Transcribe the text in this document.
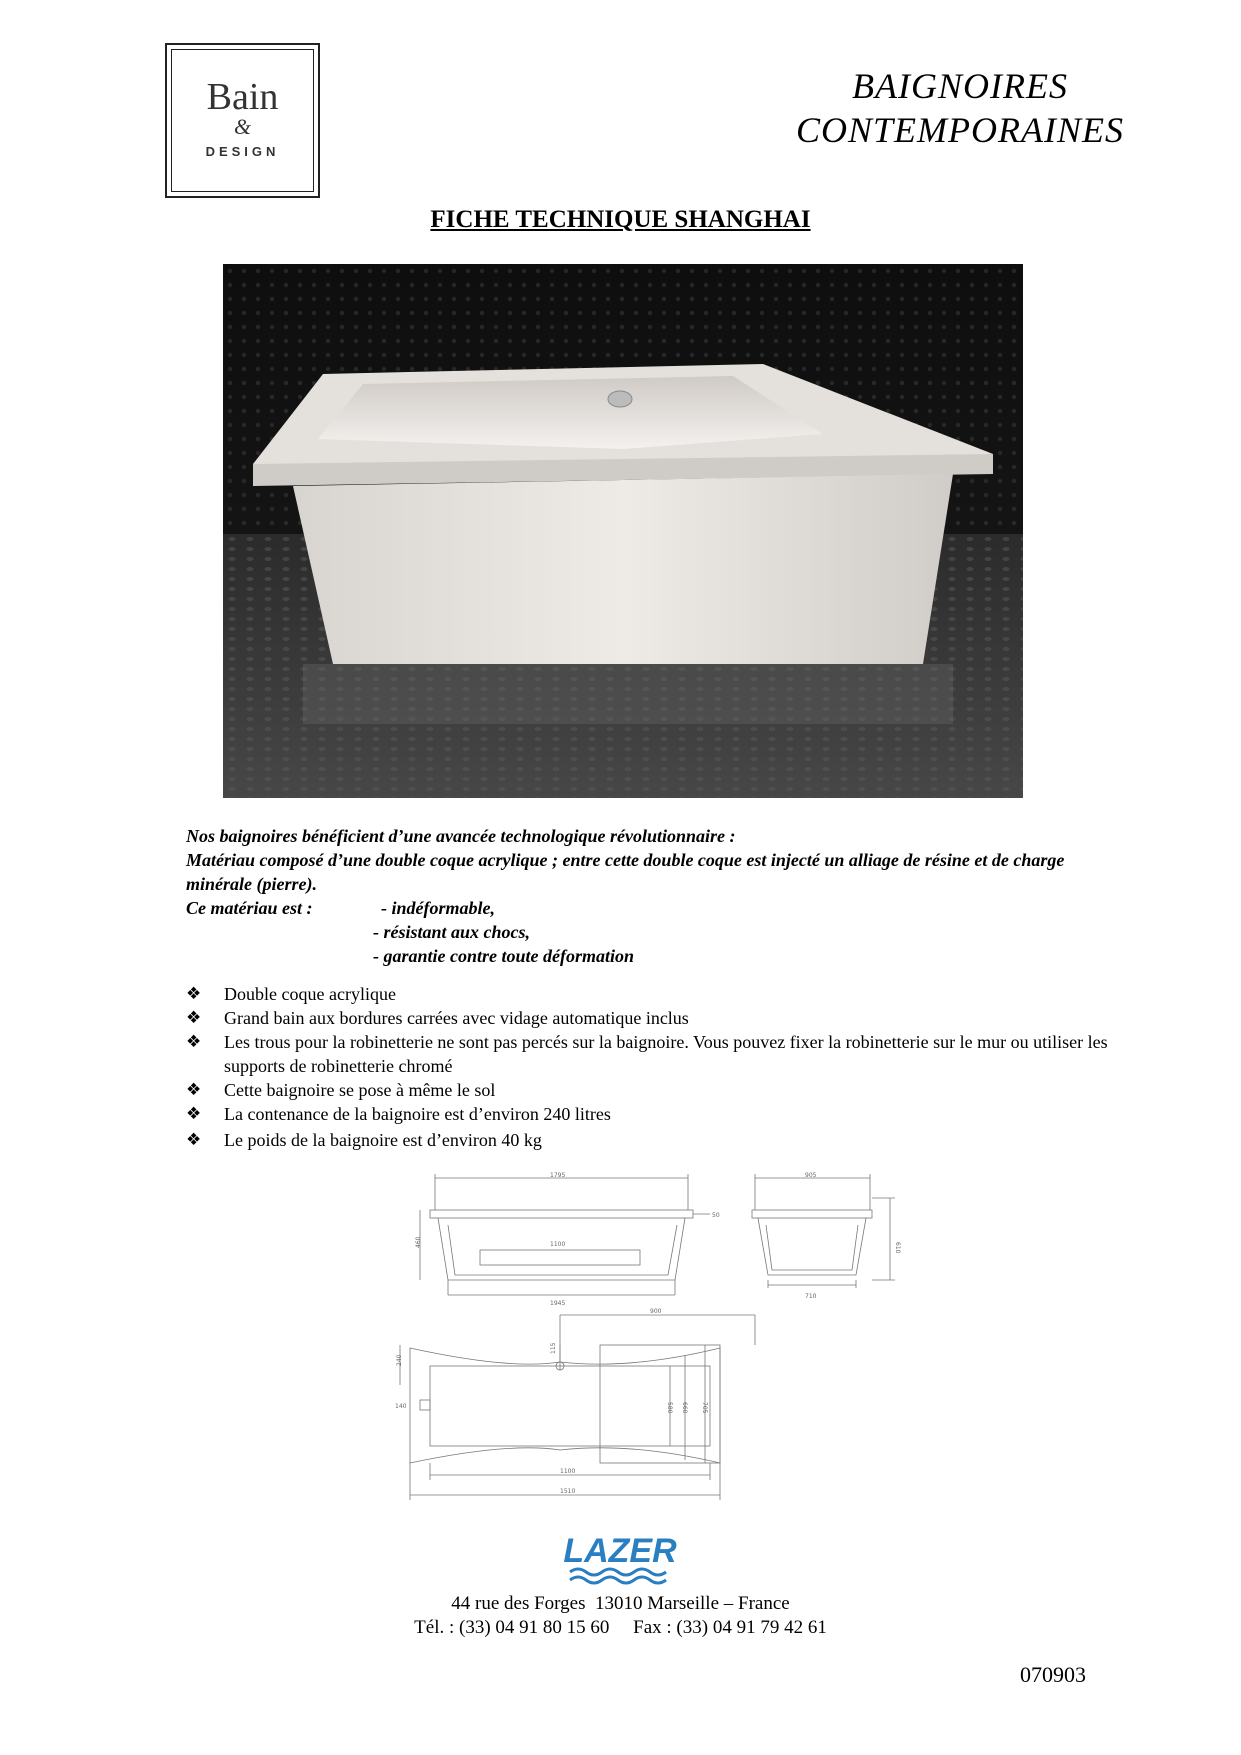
Bain
&
DESIGN
BAIGNOIRES
CONTEMPORAINES
FICHE TECHNIQUE SHANGHAI

Nos baignoires bénéficient d’une avancée technologique révolutionnaire :

Matériau composé d’une double coque acrylique ; entre cette double coque est injecté un alliage de résine et de charge minérale (pierre).

Ce matériau est :	- indéformable,
- résistant aux chocs,
- garantie contre toute déformation
❖ Double coque acrylique
❖ Grand bain aux bordures carrées avec vidage automatique inclus
❖ Les trous pour la robinetterie ne sont pas percés sur la baignoire. Vous pouvez fixer la robinetterie sur le mur ou utiliser les supports de robinetterie chromé
❖ Cette baignoire se pose à même le sol
❖ La contenance de la baignoire est d’environ 240 litres
❖ Le poids de la baignoire est d’environ 40 kg
1795
50
1100
460
1945
905
610
710
900
240
115
140	580 660 705
1100
1510
LAZER
44 rue des Forges  13010 Marseille – France
Tél. : (33) 04 91 80 15 60     Fax : (33) 04 91 79 42 61
070903
